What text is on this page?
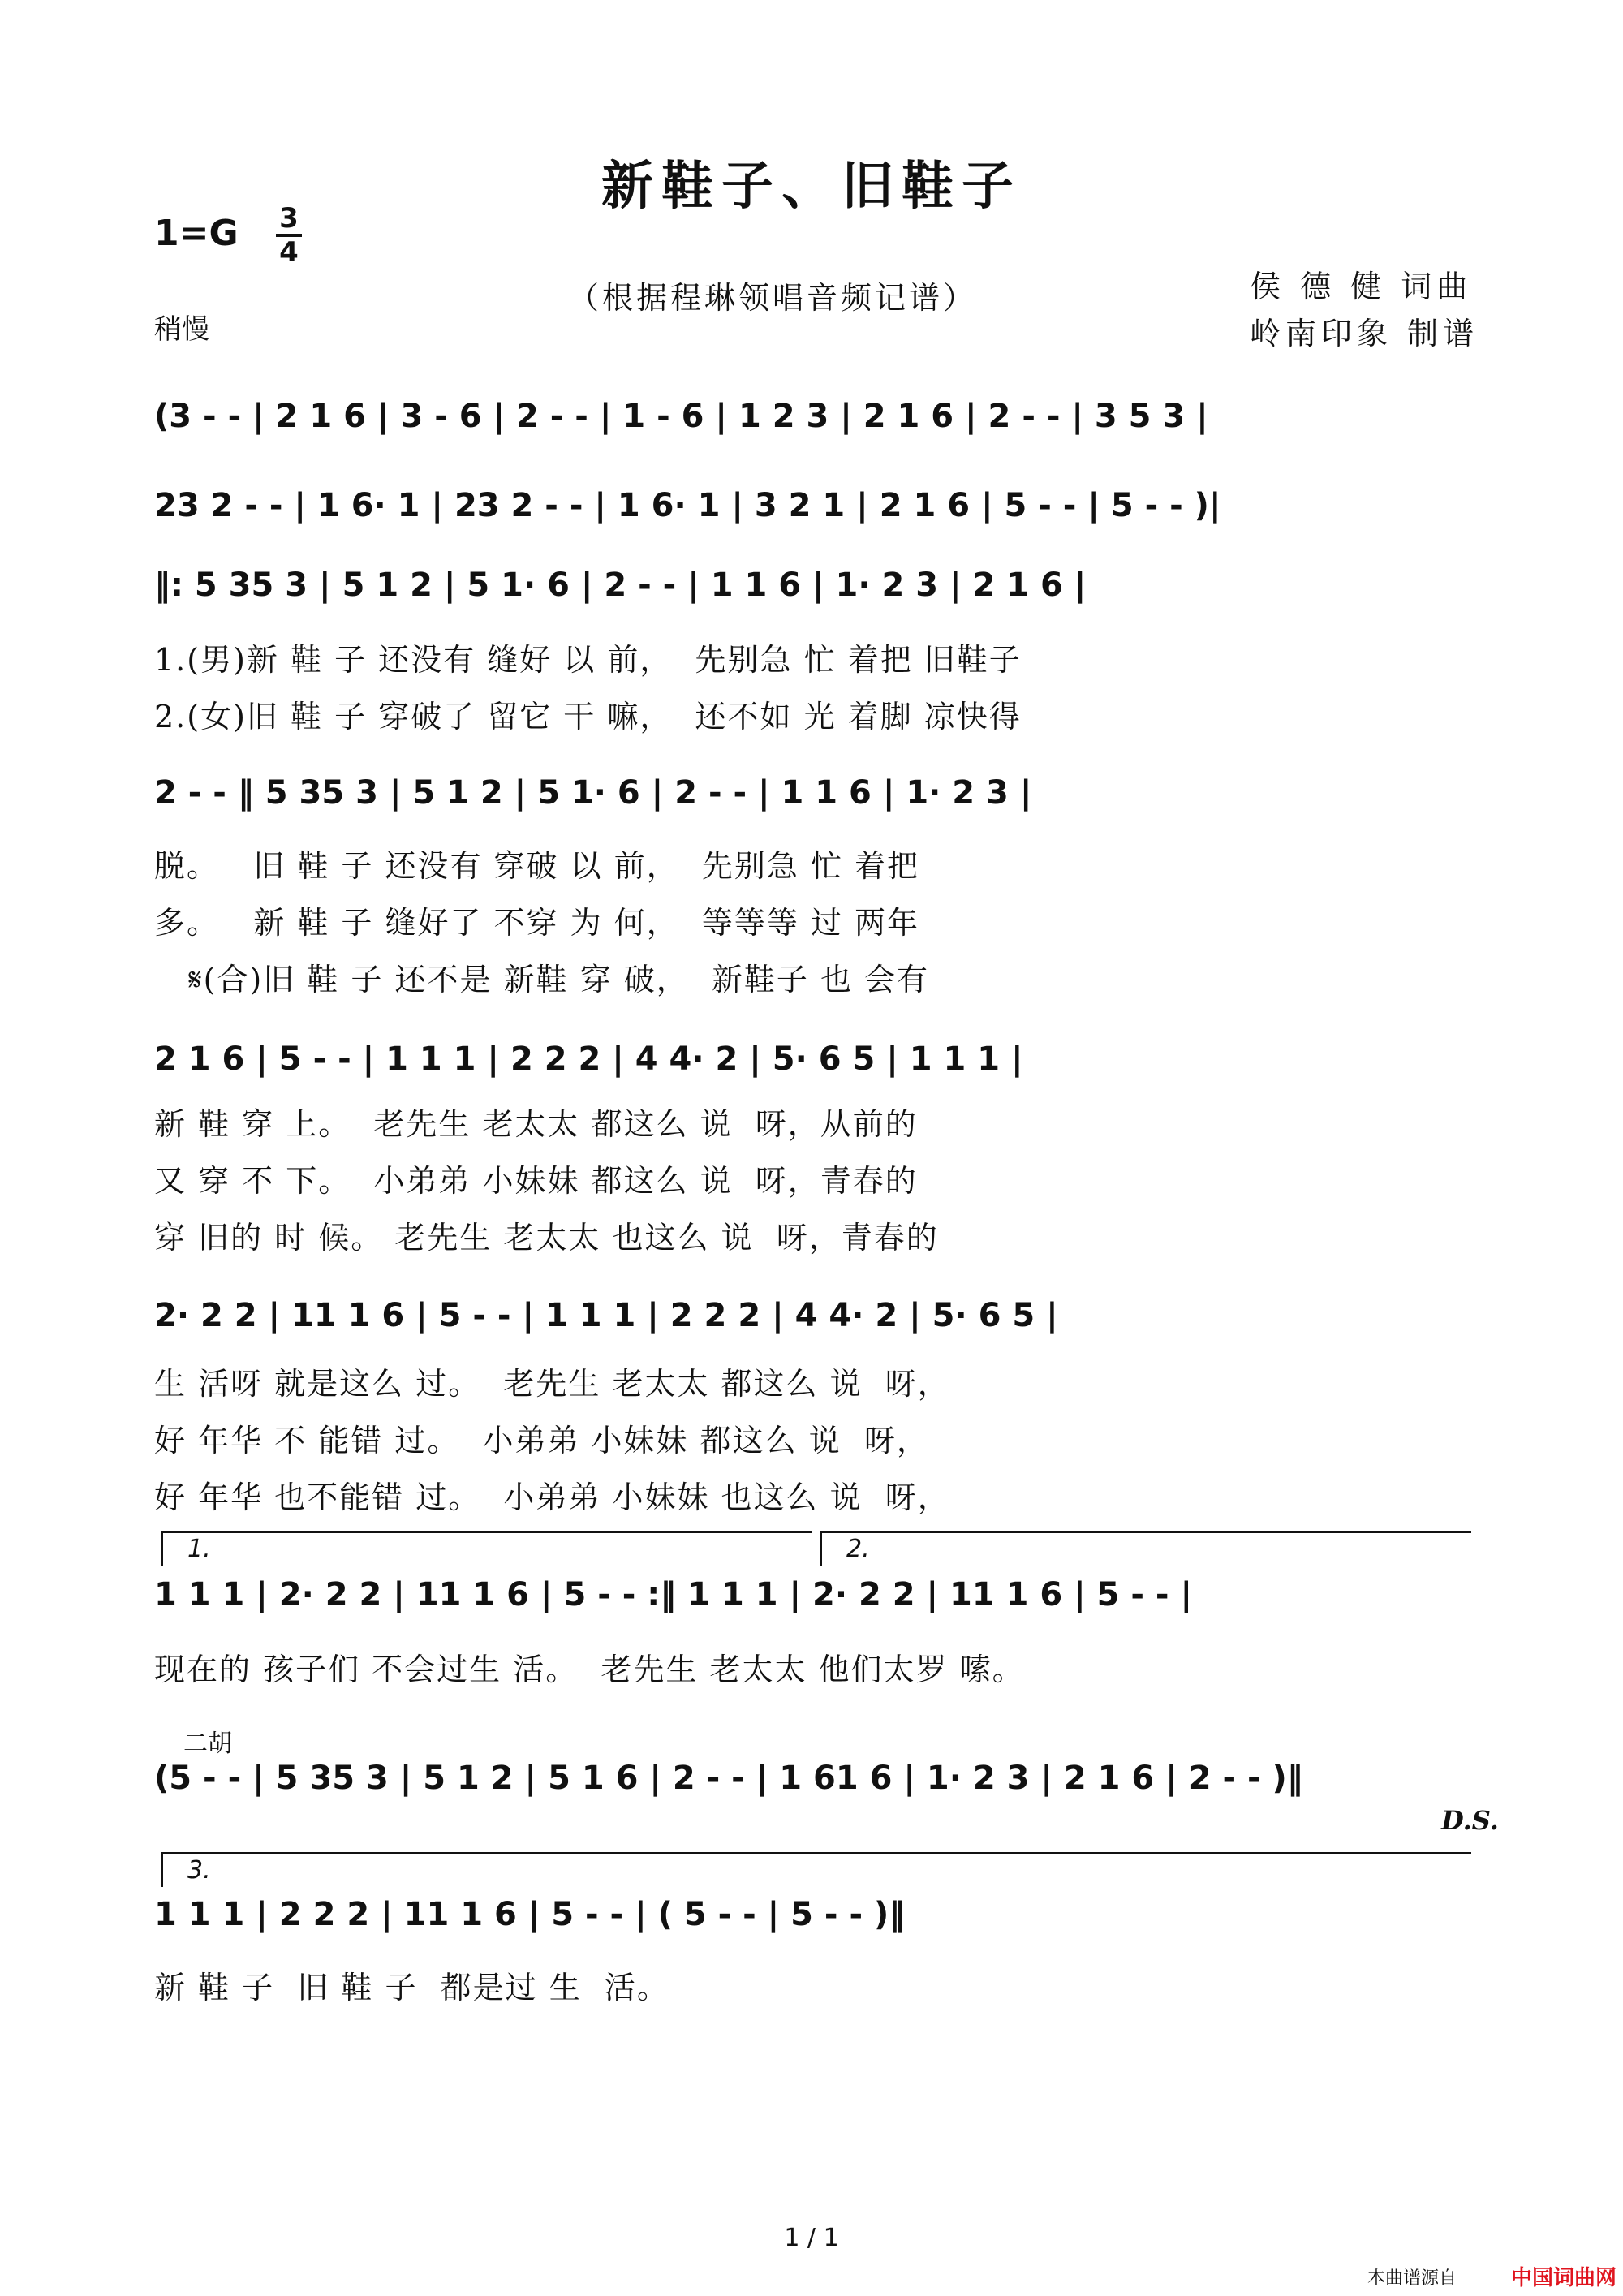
新鞋子、旧鞋子
1=G 3
4
稍慢
（根据程琳领唱音频记谱）	侯 德 健 词曲
岭南印象 制谱
(3 - - | 2 1 6 | 3 - 6 | 2 - - | 1 - 6 | 1 2 3 | 2 1 6 | 2 - - | 3 5 3 |
23 2 - - | 1 6· 1 | 23 2 - - | 1 6· 1 | 3 2 1 | 2 1 6 | 5 - - | 5 - - )|
‖: 5 35 3 | 5 1 2 | 5 1· 6 | 2 - - | 1 1 6 | 1· 2 3 | 2 1 6 |
1.(男)新 鞋 子 还没有 缝好 以 前，  先别急 忙 着把 旧鞋子
2.(女)旧 鞋 子 穿破了 留它 干 嘛，  还不如 光 着脚 凉快得
2 - - ‖ 5 35 3 | 5 1 2 | 5 1· 6 | 2 - - | 1 1 6 | 1· 2 3 |
脱。   旧 鞋 子 还没有 穿破 以 前，  先别急 忙 着把
多。   新 鞋 子 缝好了 不穿 为 何，  等等等 过 两年
𝄋(合)旧 鞋 子 还不是 新鞋 穿 破，  新鞋子 也 会有
2 1 6 | 5 - - | 1 1 1 | 2 2 2 | 4 4· 2 | 5· 6 5 | 1 1 1 |
新 鞋 穿 上。  老先生 老太太 都这么 说  呀，从前的
又 穿 不 下。  小弟弟 小妹妹 都这么 说  呀，青春的
穿 旧的 时 候。 老先生 老太太 也这么 说  呀，青春的
2· 2 2 | 11 1 6 | 5 - - | 1 1 1 | 2 2 2 | 4 4· 2 | 5· 6 5 |
生 活呀 就是这么 过。  老先生 老太太 都这么 说  呀，
好 年华 不 能错 过。  小弟弟 小妹妹 都这么 说  呀，
好 年华 也不能错 过。  小弟弟 小妹妹 也这么 说  呀，
1.	2.
1 1 1 | 2· 2 2 | 11 1 6 | 5 - - :‖ 1 1 1 | 2· 2 2 | 11 1 6 | 5 - - |
现在的 孩子们 不会过生 活。  老先生 老太太 他们太罗 嗦。
二胡
(5 - - | 5 35 3 | 5 1 2 | 5 1 6 | 2 - - | 1 61 6 | 1· 2 3 | 2 1 6 | 2 - - )‖
D.S.
3.
1 1 1 | 2 2 2 | 11 1 6 | 5 - - | ( 5 - - | 5 - - )‖
新 鞋 子  旧 鞋 子  都是过 生  活。
1 / 1
本曲谱源自	中国词曲网
